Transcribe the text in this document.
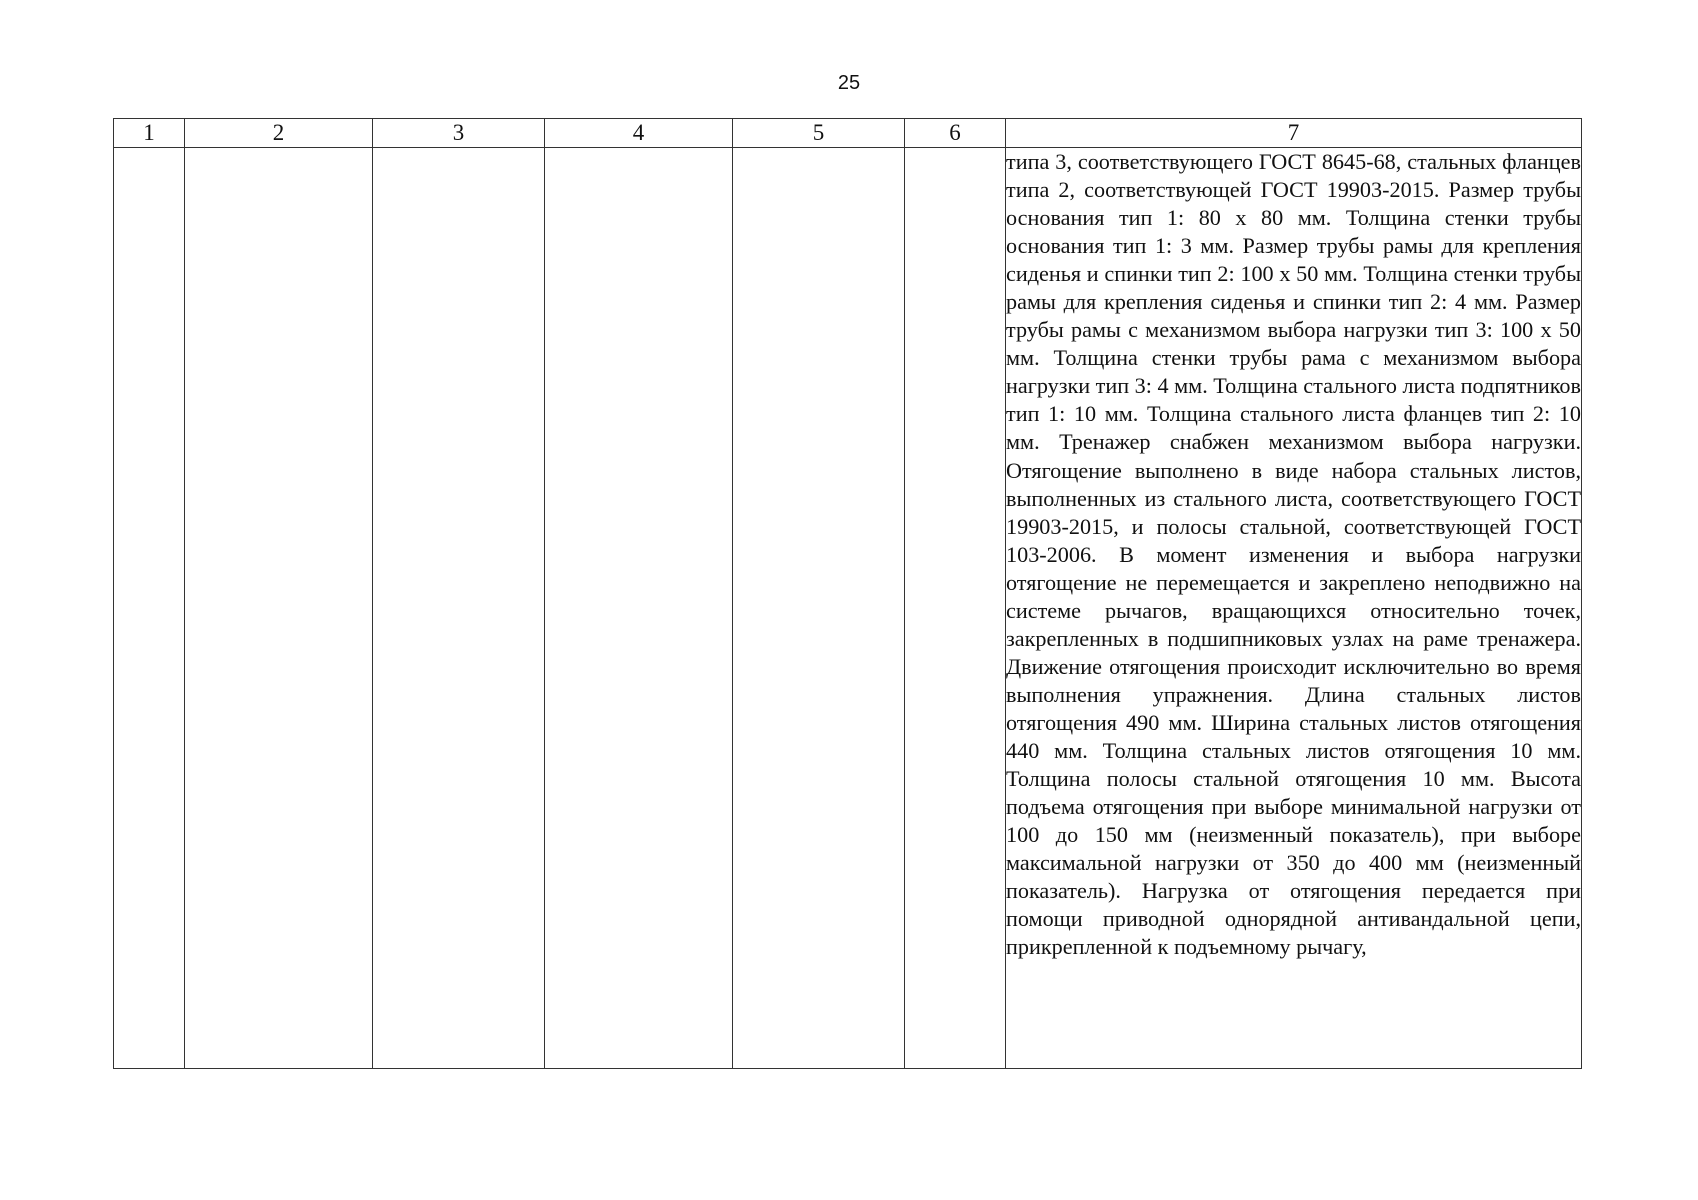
25
1	2	3	4	5	6	7
						типа 3, соответствующего ГОСТ 8645-68, стальных фланцев типа 2, соответствующей ГОСТ 19903-2015. Размер трубы основания тип 1: 80 х 80 мм. Толщина стенки трубы основания тип 1: 3 мм. Размер трубы рамы для крепления сиденья и спинки тип 2: 100 х 50 мм. Толщина стенки трубы рамы для крепления сиденья и спинки тип 2: 4 мм. Размер трубы рамы с механизмом выбора нагрузки тип 3: 100 х 50 мм. Толщина стенки трубы рама с механизмом выбора нагрузки тип 3: 4 мм. Толщина стального листа подпятников тип 1: 10 мм. Толщина стального листа фланцев тип 2: 10 мм. Тренажер снабжен механизмом выбора нагрузки. Отягощение выполнено в виде набора стальных листов, выполненных из стального листа, соответствующего ГОСТ 19903-2015, и полосы стальной, соответствующей ГОСТ 103-2006. В момент изменения и выбора нагрузки отягощение не перемещается и закреплено неподвижно на системе рычагов, вращающихся относительно точек, закрепленных в подшипниковых узлах на раме тренажера. Движение отягощения происходит исключительно во время выполнения упражнения. Длина стальных листов отягощения 490 мм. Ширина стальных листов отягощения 440 мм. Толщина стальных листов отягощения 10 мм. Толщина полосы стальной отягощения 10 мм. Высота подъема отягощения при выборе минимальной нагрузки от 100 до 150 мм (неизменный показатель), при выборе максимальной нагрузки от 350 до 400 мм (неизменный показатель). Нагрузка от отягощения передается при помощи приводной однорядной антивандальной цепи, прикрепленной к подъемному рычагу,
